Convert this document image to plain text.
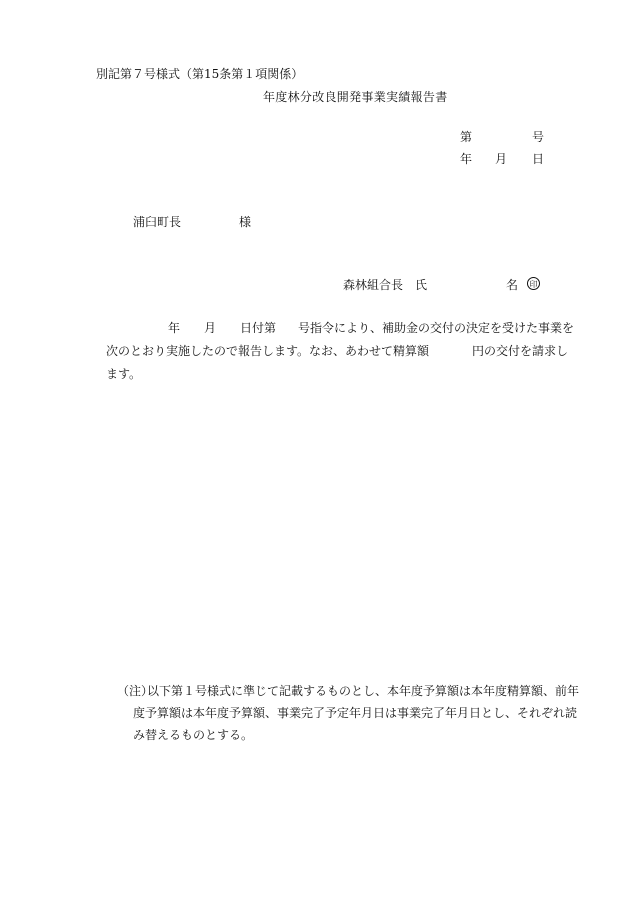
別記第７号様式（第15条第１項関係）
年度林分改良開発事業実績報告書
第	号
年 月 日
浦臼町長	様
森林組合長　氏	名	印
年 月 日付第 号指令により、補助金の交付の決定を受けた事業を
次のとおり実施したので報告します。なお、あわせて精算額	円の交付を請求し
ます。
（注）
以下第１号様式に準じて記載するものとし、本年度予算額は本年度精算額、前年
度予算額は本年度予算額、事業完了予定年月日は事業完了年月日とし、それぞれ読
み替えるものとする。
